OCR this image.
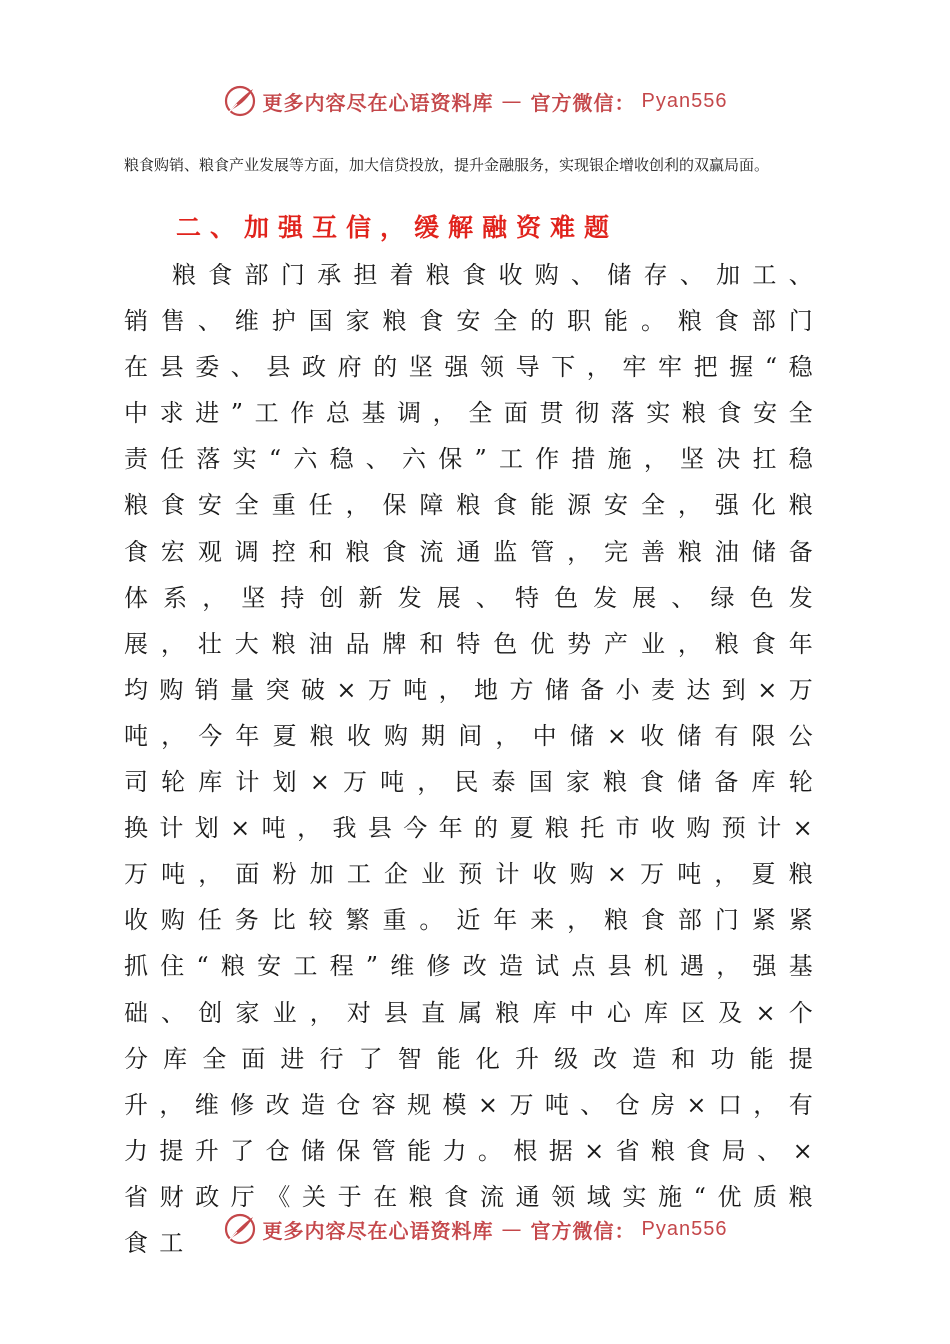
更多内容尽在心语资料库 — 官方微信： Pyan556

粮食购销、粮食产业发展等方面，加大信贷投放，提升金融服务，实现银企增收创利的双赢局面。

二、加强互信，缓解融资难题

粮食部门承担着粮食收购、储存、加工、销售、维护国家粮食安全的职能。粮食部门在县委、县政府的坚强领导下，牢牢把握“稳中求进”工作总基调，全面贯彻落实粮食安全责任落实“六稳、六保”工作措施，坚决扛稳粮食安全重任，保障粮食能源安全，强化粮食宏观调控和粮食流通监管，完善粮油储备体系，坚持创新发展、特色发展、绿色发展，壮大粮油品牌和特色优势产业，粮食年均购销量突破×万吨，地方储备小麦达到×万吨，今年夏粮收购期间，中储×收储有限公司轮库计划×万吨，民泰国家粮食储备库轮换计划×吨，我县今年的夏粮托市收购预计×万吨，面粉加工企业预计收购×万吨，夏粮收购任务比较繁重。近年来，粮食部门紧紧抓住“粮安工程”维修改造试点县机遇，强基础、创家业，对县直属粮库中心库区及×个分库全面进行了智能化升级改造和功能提升，维修改造仓容规模×万吨、仓房×口，有力提升了仓储保管能力。根据×省粮食局、×省财政厅《关于在粮食流通领域实施“优质粮食工	更多内容尽在心语资料库 — 官方微信： Pyan556
